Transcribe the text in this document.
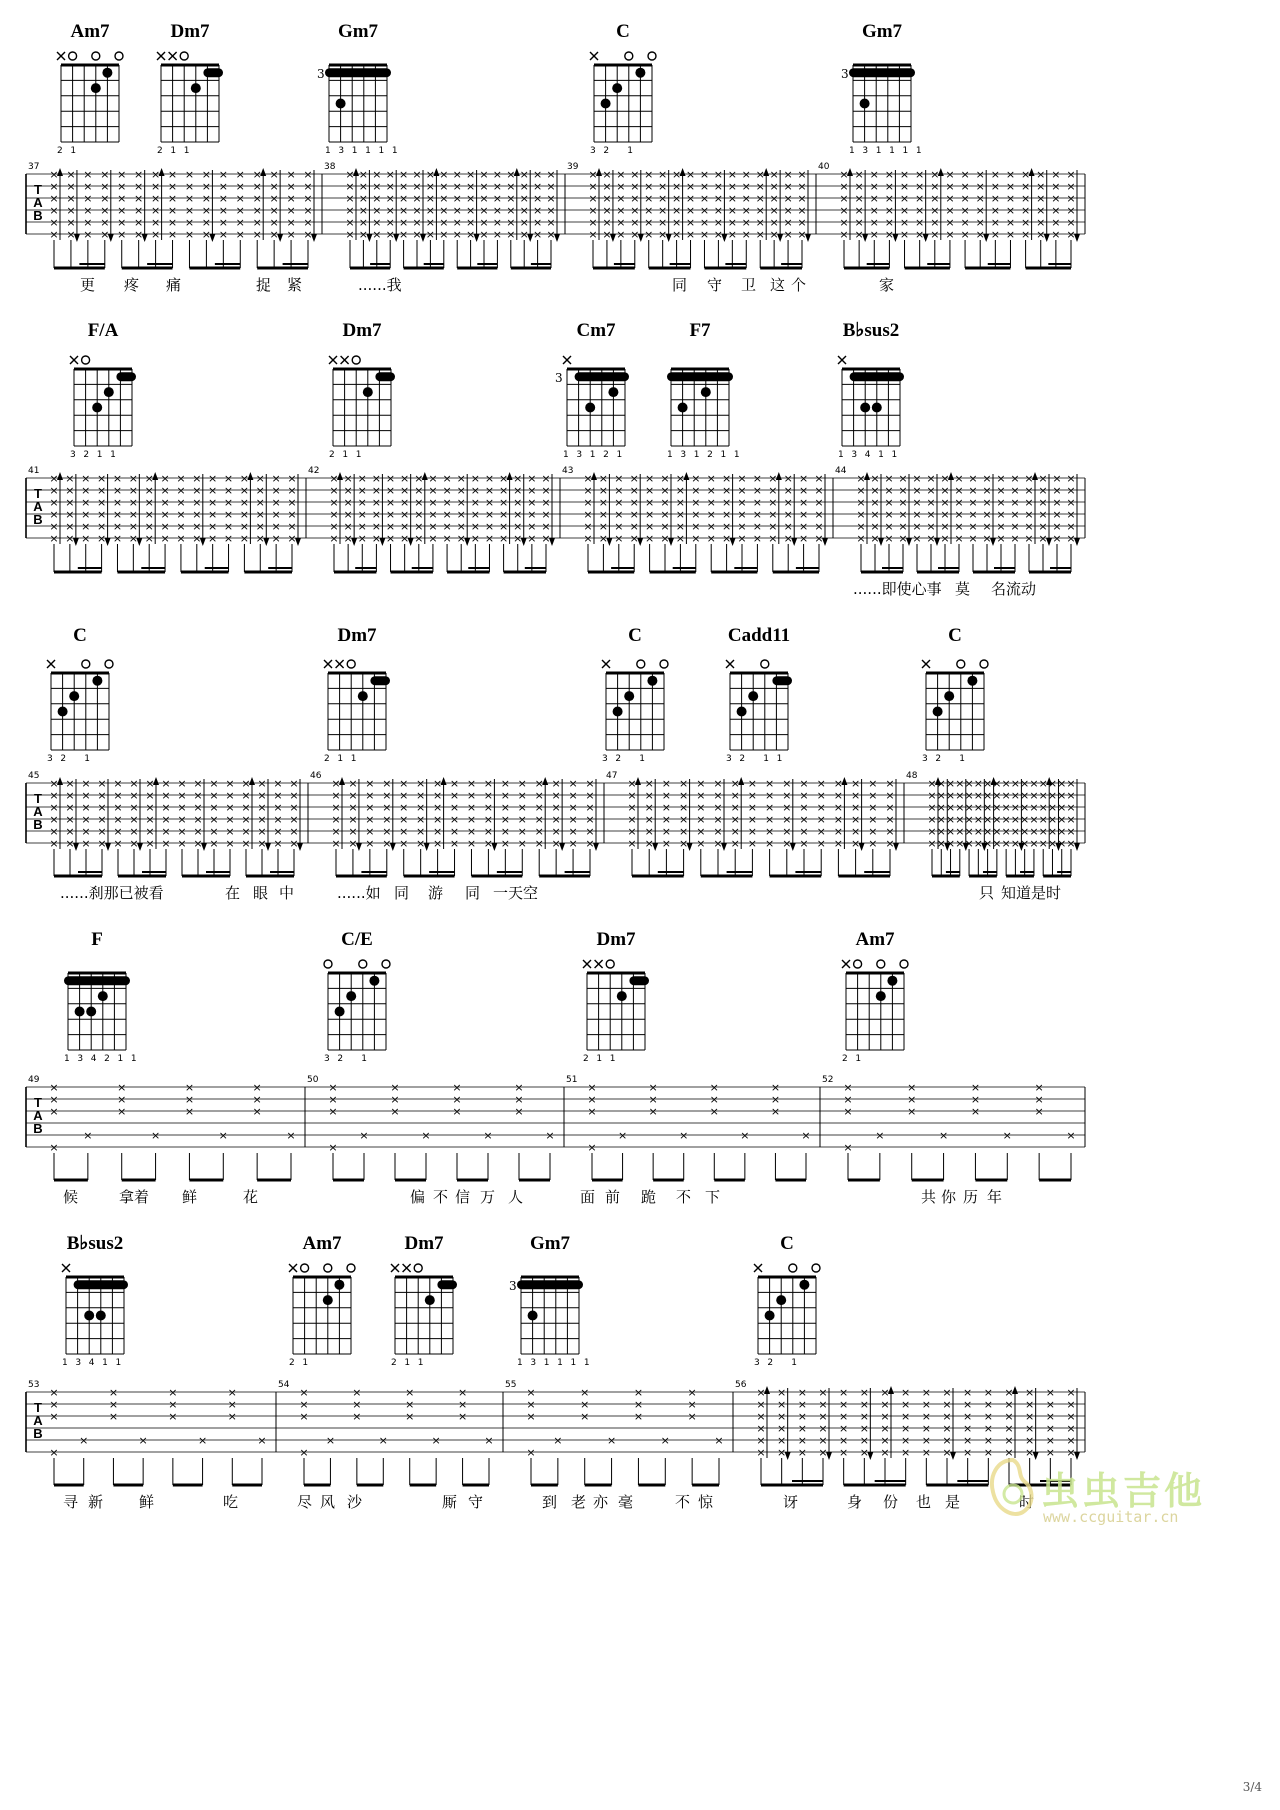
×
×
×
×
×
×
×
×
×
×
×
×
×
×
×
×
×
×
×
×
×
×
×
×
×
×
×
×
×
×
×
×
×
×
×
×
×
×
×
×
×
×
×
×
×
×
×
×
×
×
×
×
×
×
×
×
×
×
×
×
×
×
×
×
×
×
×
×
×
×
×
×
×
×
×
×
×
×
×
×
×
×
×
×
×
×
×
×
×
×
×
×
×
×
×
×
×
×
×
×
×
×
×
×
×
×
×
×
×
×
×
×
×
×
×
×
×
×
×
×
×
×
×
×
×
×
×
×
×
×
×
×
×
×
×
×
×
×
×
×
×
×
×
×
×
×
×
×
×
×
×
×
×
×
×
×
×
×
×
×
×
×
×
×
×
×
×
×
×
×
×
×
×
×
×
×
×
×
×
×
×
×
×
×
×
×
×
×
×
×
×
×
×
×
×
×
×
×
×
×
×
×
×
×
×
×
×
×
×
×
×
×
×
×
×
×
×
×
×
×
×
×
×
×
×
×
×
×
×
×
×
×
×
×
×
×
×
×
×
×
×
×
×
×
×
×
×
×
×
×
×
×
×
×
×
×
×
×
×
×
×
×
×
×
×
×
×
×
×
×
×
×
×
×
×
×
×
×
×
×
×
×
×
×
×
×
×
×
×
×
×
×
×
×
×
×
×
×
×
×
×
×
×
×
×
×
×
×
×
×
×
×
×
×
×
×
×
×
×
×
×
×
×
×
×
×
×
×
×
×
×
×
×
×
×
×
×
×
×
×
×
×
×
×
×
×
×
×
×
×
×
×
×
×
×
×
×
×
×
×
×
×
×
×
×
×
×
×
×
×
×
×
×
×
×
×
×
×
×
×
×
×
×
×
×
×
×
×
×
×
×
×
×
×
×
×
×
×
×
×
×
×
×
×
×
×
×
×
×
×
×
×
×
×
×
×
×
×
×
×
×
×
×
×
×
×
×
×
×
×
×
×
×
×
×
×
×
×
×
×
×
×
×
×
×
×
×
×
×
×
×
×
×
×
×
×
×
×
×
×
×
×
×
×
×
×
×
×
×
×
×
×
×
×
×
×
×
×
×
×
×
×
×
×
×
×
×
×
×
×
×
×
×
×
×
×
×
×
×
×
×
×
×
×
×
×
×
×
×
×
×
×
×
×
×
×
×
×
×
×
×
×
×
×
×
×
×
×
×
×
×
×
×
×
×
×
×
×
×
×
×
×
×
×
×
×
×
×
×
×
×
×
×
×
×
×
×
×
×
×
×
×
×
×
×
×
×
×
×
×
×
×
×
×
×
×
×
×
×
×
×
×
×
×
×
×
×
×
×
×
×
×
×
×
×
×
×
×
×
×
×
×
×
×
×
×
×
×
×
×
×
×
×
×
×
×
×
×
×
×
×
×
×
×
×
×
×
×
×
×
×
×
×
×
×
×
×
×
×
×
×
×
×
×
×
×
×
×
×
×
×
×
×
×
×
×
×
×
×
×
×
×
×
×
×
×
×
×
×
×
×
×
×
×
×
×
×
×
×
×
×
×
×
×
×
×
×
×
×
×
×
×
×
×
×
×
×
×
×
×
×
×
×
×
×
×
×
×
×
×
×
×
×
×
×
×
×
×
×
×
×
×
×
×
×
×
×
×
×
×
×
×
×
×
×
×
×
×
×
×
×
×
×
×
×
×
×
×
×
×
×
×
×
×
×
×
×
×
×
×
×
×
×
×
×
×
×
×
×
×
×
×
×
×
×
×
×
×
×
×
×
×
×
×
×
×
×
×
×
×
×
×
×
×
×
×
×
×
×
×
×
×
×
×
×
×
×
×
×
×
×
×
×
×
×
×
×
×
×
×
×
×
×
×
×
×
×
×
×
×
×
×
×
×
×
×
×
×
×
×
×
×
×
×
×
×
×
×
×
×
×
×
×
×
×
×
×
×
×
×
×
×
×
×
×
×
×
×
×
×
×
×
×
×
×
×
×
×
×
×
×
×
×
×
×
×
×
×
×
×
×
×
×
×
×
×
×
×
×
×
×
×
×
×
×
×
×
×
×
×
×
×
×
×
×
×
×
×
×
×
×
×
×
×
×
×
×
×
×
×
×
×
×
×
×
×
×
×
×
×
×
×
×
×
×
×
×
×
×
×
×
×
×
×
×
×
×
×
×
×
×
×
×
×
×
×
×
×
×
×
×
×
×
×
×
×
×
×
×
×
×
×
×
×
×
×
×
×
×
×
×
×
×
×
×
×
×
×
×
×
×
×
×
×
×
×
×
×
×
×
×
×
×
×
×
×
×
×
×
×
×
×
×
×
×
×
×
×
×
×
×
×
×
×
×
×
×
×
×
×
×
×
×
×
×
×
×
×
×
×
×
×
×
×
×
×
×
×
×
×
×
×
×
×
×
×
×
×
×
×
×
×
×
×
×
×
×
×
×
×
×
×
×
×
×
×
×
×
×
×
×
×
×
×
×
×
×
×
×
×
×
×
×
×
×
×
×
×
×
×
×
×
×
×
×
×
×
×
×
×
×
×
×
×
×
×
×
×
×
×
×
×
×
×
×
×
×
×
×
×
×
×
×
×
×
×
×
×
×
×
×
×
×
×
×
×
×
×
×
×
×
×
×
×
×
×
×
×
×
×
×
×
×
×
×
×
×
×
×
×
×
×
×
×
×
×
×
×
×
×
×
×
×
×
×
×
×
×
×
×
×
×
×
×
×
×
×
×
×
×
×
×
×
×
×
×
×
×
×
×
×
×
×
×
×
×
×
×
×
×
×
×
×
×
×
×
×
×
×
×
×
×
×
×
×
×
×
×
×
×
×
×
×
×
×
×
×
×
×
×
×
×
×
×
×
×
×
×
×
×
×
×
×
×
×
×
×
×
×
×
×
×
×
×
×
×
×
×
×
×
×
×
×
×
×
×
×
×
×
×
×
×
×
×
×
×
×
×
×
×
×
×
×
×
×
×
×
×
×
×
×
×
×
×
×
×
×
×
×
×
×
×
×
×
×
×
×
×
×
×
×
×
×
×
×
×
×
×
×
×
×
×
×
×
×
×
×
×
×
×
×
×
×
×
×
×
×
Am7
2 1
Dm7
2 1 1
Gm7
3
1 3 1 1 1 1
C
3 2   1
Gm7
3
1 3 1 1 1 1
T
A
B
37	38	39	40
更 疼 痛	捉 紧	......我	同 守 卫 这 个	家
F/A
3 2 1 1
Dm7
2 1 1
Cm7
3
1 3 1 2 1
F7
1 3 1 2 1 1
B♭sus2
1 3 4 1 1
T
A
B
41	42	43	44
......即使心事 莫 名流动
C
3 2   1
Dm7
2 1 1
C
3 2   1
Cadd11
3 2   1 1
C
3 2   1
T
A
B
45	46	47	48
......刹那已被看	在 眼 中	......如 同 游 同 一天空	只 知道是时
F
1 3 4 2 1 1
C/E
3 2   1
Dm7
2 1 1
Am7
2 1
T
A
B
49	50	51	52
候	拿着 鲜	花	偏 不 信 万 人	面 前 跪 不 下	共 你 历 年
B♭sus2
1 3 4 1 1
Am7
2 1
Dm7
2 1 1
Gm7
3
1 3 1 1 1 1
C
3 2   1
T
A
B
53	54	55	56
寻 新 鲜	吃	尽 风 沙	厮 守	到 老 亦 毫	不 惊	讶	身 份 也 是	时 虫虫吉他
www.ccguitar.cn
3/4
